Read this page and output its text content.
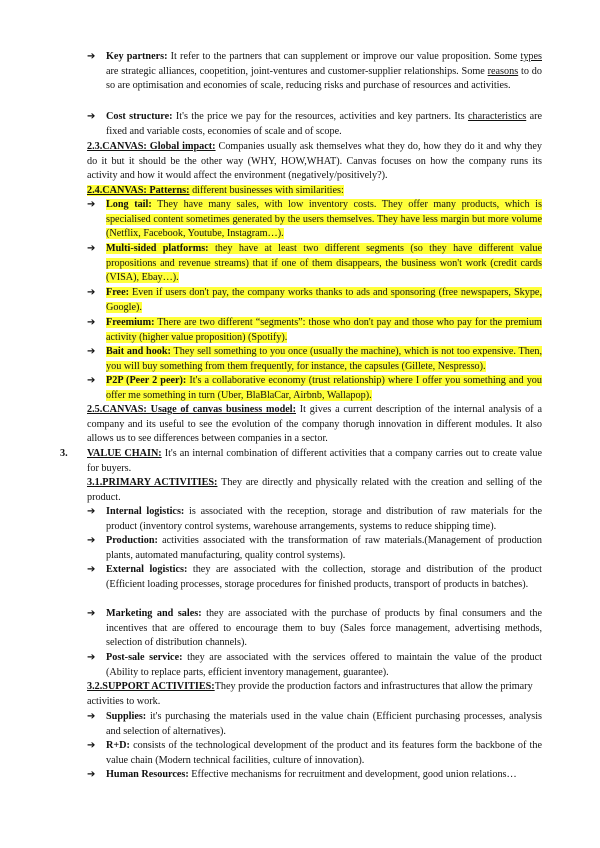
➔ Key partners: It refer to the partners that can supplement or improve our value proposition. Some types are strategic alliances, coopetition, joint-ventures and customer-supplier relationships. Some reasons to do so are optimisation and economies of scale, reducing risks and purchase of resources and activities.
➔ Cost structure: It's the price we pay for the resources, activities and key partners. Its characteristics are fixed and variable costs, economies of scale and of scope.
2.3.CANVAS: Global impact: Companies usually ask themselves what they do, how they do it and why they do it but it should be the other way (WHY, HOW,WHAT). Canvas focuses on how the company runs its activity and how it would affect the environment (negatively/positively?).
2.4.CANVAS: Patterns: different businesses with similarities:
➔ Long tail: They have many sales, with low inventory costs. They offer many products, which is specialised content sometimes generated by the users themselves. They have less margin but more volume (Netflix, Facebook, Youtube, Instagram…).
➔ Multi-sided platforms: they have at least two different segments (so they have different value propositions and revenue streams) that if one of them disappears, the business won't work (credit cards (VISA), Ebay…).
➔ Free: Even if users don't pay, the company works thanks to ads and sponsoring (free newspapers, Skype, Google).
➔ Freemium: There are two different “segments”: those who don't pay and those who pay for the premium activity (higher value proposition) (Spotify).
➔ Bait and hook: They sell something to you once (usually the machine), which is not too expensive. Then, you will buy something from them frequently, for instance, the capsules (Gillete, Nespresso).
➔ P2P (Peer 2 peer): It's a collaborative economy (trust relationship) where I offer you something and you offer me something in turn (Uber, BlaBlaCar, Airbnb, Wallapop).
2.5.CANVAS: Usage of canvas business model: It gives a current description of the internal analysis of a company and its useful to see the evolution of the company thorugh innovation in different modules. It also allows us to see differences between companies in a sector.
3. VALUE CHAIN: It's an internal combination of different activities that a company carries out to create value for buyers.
3.1.PRIMARY ACTIVITIES: They are directly and physically related with the creation and selling of the product.
➔ Internal logistics: is associated with the reception, storage and distribution of raw materials for the product (inventory control systems, warehouse arrangements, systems to reduce shipping time).
➔ Production: activities associated with the transformation of raw materials.(Management of production plants, automated manufacturing, quality control systems).
➔ External logistics: they are associated with the collection, storage and distribution of the product (Efficient loading processes, storage procedures for finished products, transport of products in batches).
➔ Marketing and sales: they are associated with the purchase of products by final consumers and the incentives that are offered to encourage them to buy (Sales force management, advertising methods, selection of distribution channels).
➔ Post-sale service: they are associated with the services offered to maintain the value of the product (Ability to replace parts, efficient inventory management, guarantee).
3.2.SUPPORT ACTIVITIES:They provide the production factors and infrastructures that allow the primary activities to work.
➔ Supplies: it's purchasing the materials used in the value chain (Efficient purchasing processes, analysis and selection of alternatives).
➔ R+D: consists of the technological development of the product and its features form the backbone of the value chain (Modern technical facilities, culture of innovation).
➔ Human Resources: Effective mechanisms for recruitment and development, good union relations…
